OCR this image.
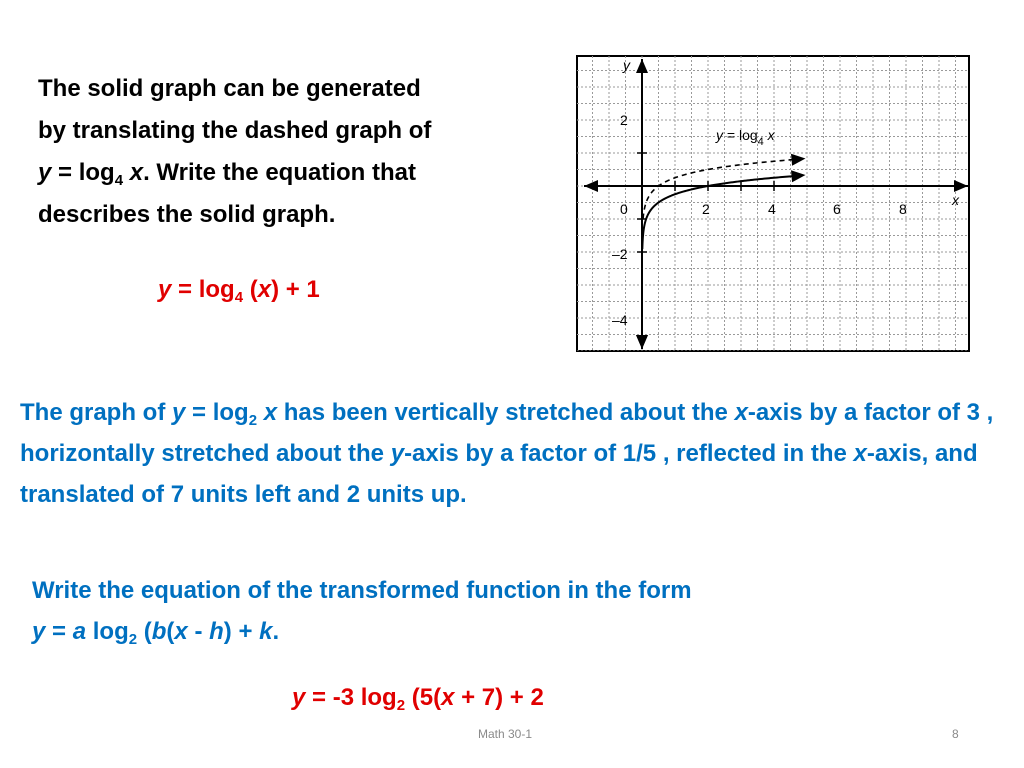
The solid graph can be generated
by translating the dashed graph of
$y = \log_4 x$. Write the equation that
describes the solid graph.
$y = \log_4 (x) + 1$
y
x
0	2	4	6	8
2
–2
–4
$y = \log_4 x$
The graph of $y = \log_2 x$ has been vertically stretched about the x-axis by a factor of 3 , horizontally stretched about the y-axis by a factor of 1/5 , reflected in the x-axis, and translated of 7 units left and 2 units up.
Write the equation of the transformed function in the form
y = a $\log_2 (b(x - h) + k$.
y = -3 $\log_2 (5(x + 7) + 2$
Math 30-1	8
